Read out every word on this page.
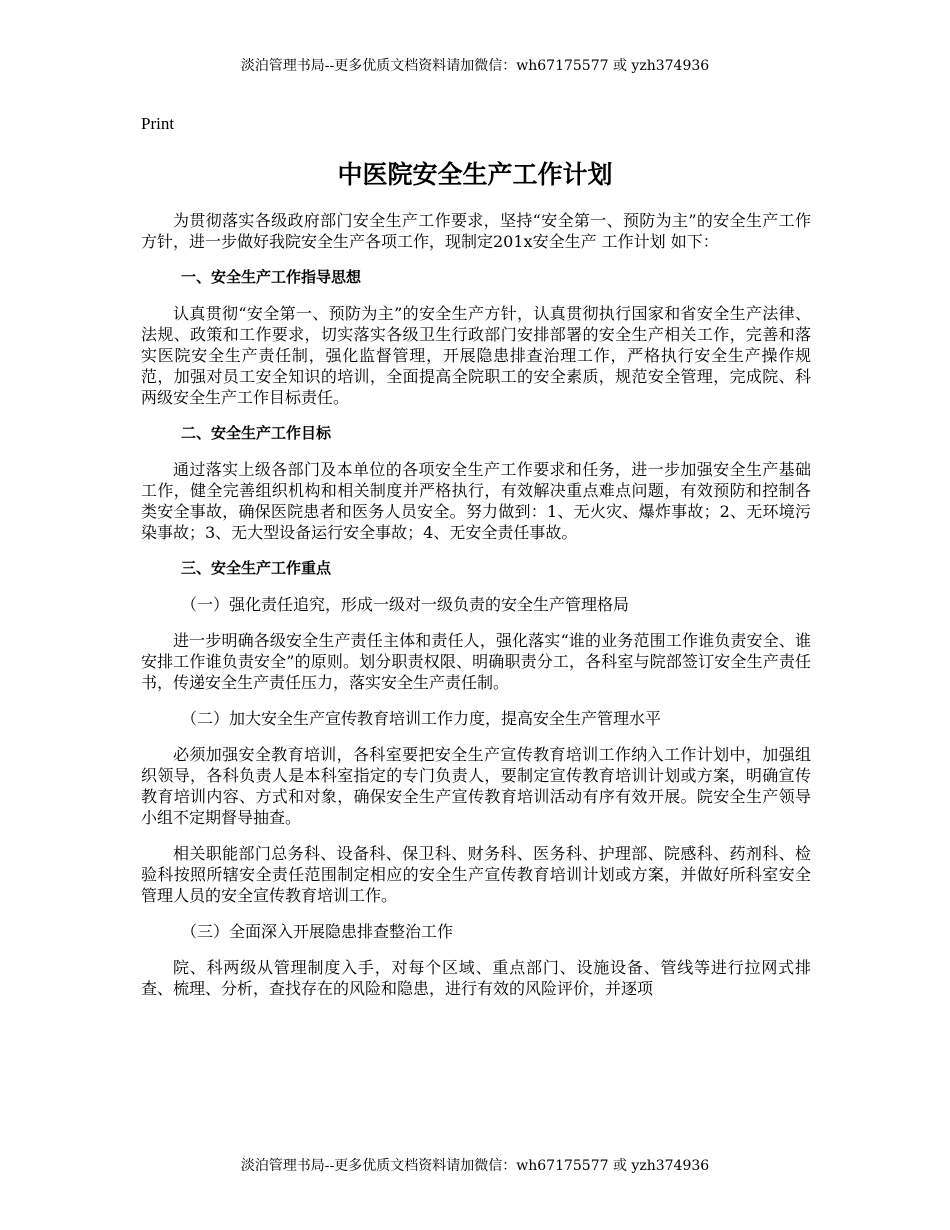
淡泊管理书局--更多优质文档资料请加微信：wh67175577 或 yzh374936
Print
中医院安全生产工作计划

为贯彻落实各级政府部门安全生产工作要求，坚持“安全第一、预防为主”的安全生产工作方针，进一步做好我院安全生产各项工作，现制定201x安全生产 工作计划 如下：

一、安全生产工作指导思想

认真贯彻“安全第一、预防为主”的安全生产方针，认真贯彻执行国家和省安全生产法律、法规、政策和工作要求，切实落实各级卫生行政部门安排部署的安全生产相关工作，完善和落实医院安全生产责任制，强化监督管理，开展隐患排查治理工作，严格执行安全生产操作规范，加强对员工安全知识的培训，全面提高全院职工的安全素质，规范安全管理，完成院、科两级安全生产工作目标责任。

二、安全生产工作目标

通过落实上级各部门及本单位的各项安全生产工作要求和任务，进一步加强安全生产基础工作，健全完善组织机构和相关制度并严格执行，有效解决重点难点问题，有效预防和控制各类安全事故，确保医院患者和医务人员安全。努力做到：1、无火灾、爆炸事故；2、无环境污染事故；3、无大型设备运行安全事故；4、无安全责任事故。

三、安全生产工作重点

（一）强化责任追究，形成一级对一级负责的安全生产管理格局

进一步明确各级安全生产责任主体和责任人，强化落实“谁的业务范围工作谁负责安全、谁安排工作谁负责安全”的原则。划分职责权限、明确职责分工，各科室与院部签订安全生产责任书，传递安全生产责任压力，落实安全生产责任制。

（二）加大安全生产宣传教育培训工作力度，提高安全生产管理水平

必须加强安全教育培训，各科室要把安全生产宣传教育培训工作纳入工作计划中，加强组织领导，各科负责人是本科室指定的专门负责人，要制定宣传教育培训计划或方案，明确宣传教育培训内容、方式和对象，确保安全生产宣传教育培训活动有序有效开展。院安全生产领导小组不定期督导抽查。

相关职能部门总务科、设备科、保卫科、财务科、医务科、护理部、院感科、药剂科、检验科按照所辖安全责任范围制定相应的安全生产宣传教育培训计划或方案，并做好所科室安全管理人员的安全宣传教育培训工作。

（三）全面深入开展隐患排查整治工作

院、科两级从管理制度入手，对每个区域、重点部门、设施设备、管线等进行拉网式排查、梳理、分析，查找存在的风险和隐患，进行有效的风险评价，并逐项

淡泊管理书局--更多优质文档资料请加微信：wh67175577 或 yzh374936
